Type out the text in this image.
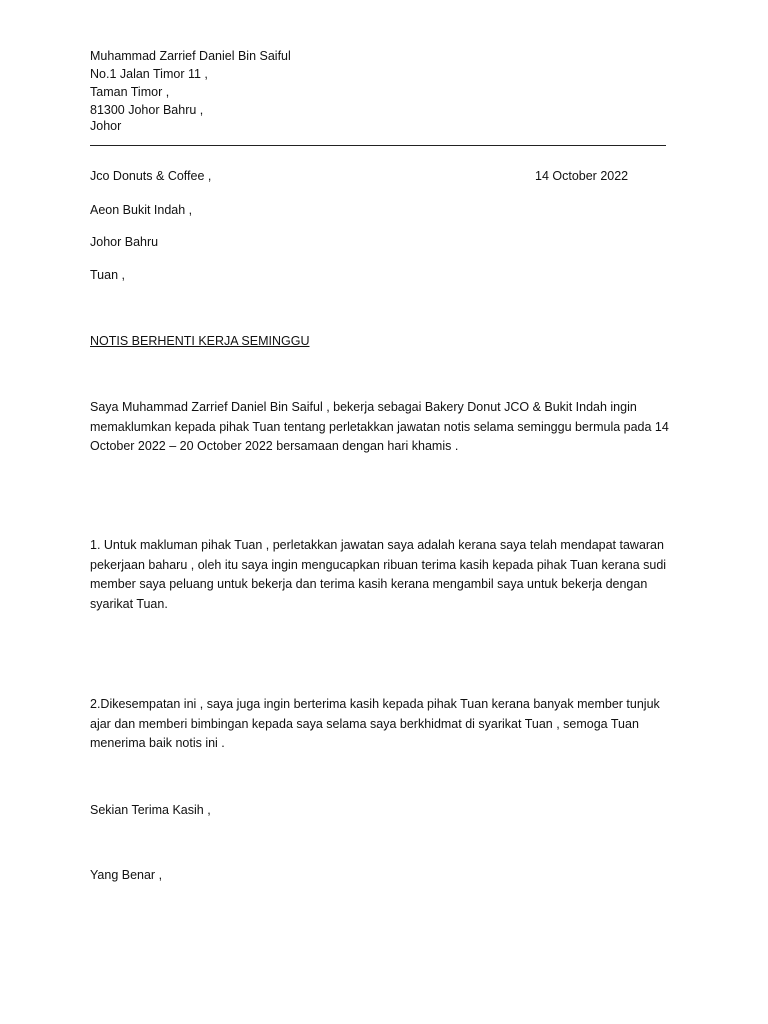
Muhammad Zarrief Daniel Bin Saiful
No.1 Jalan Timor 11 ,
Taman Timor ,
81300 Johor Bahru ,
Johor
Jco Donuts & Coffee ,	14 October 2022
Aeon Bukit Indah ,
Johor Bahru
Tuan ,
NOTIS BERHENTI KERJA SEMINGGU
Saya Muhammad Zarrief Daniel Bin Saiful , bekerja sebagai Bakery Donut JCO & Bukit Indah ingin
memaklumkan kepada pihak Tuan tentang perletakkan jawatan notis selama seminggu bermula pada 14
October 2022 – 20 October 2022 bersamaan dengan hari khamis .
1. Untuk makluman pihak Tuan , perletakkan jawatan saya adalah kerana saya telah mendapat tawaran
pekerjaan baharu , oleh itu saya ingin mengucapkan ribuan terima kasih kepada pihak Tuan kerana sudi
member saya peluang untuk bekerja dan terima kasih kerana mengambil saya untuk bekerja dengan
syarikat Tuan.
2.Dikesempatan ini , saya juga ingin berterima kasih kepada pihak Tuan kerana banyak member tunjuk
ajar dan memberi bimbingan kepada saya selama saya berkhidmat di syarikat Tuan , semoga Tuan
menerima baik notis ini .
Sekian Terima Kasih ,
Yang Benar ,
